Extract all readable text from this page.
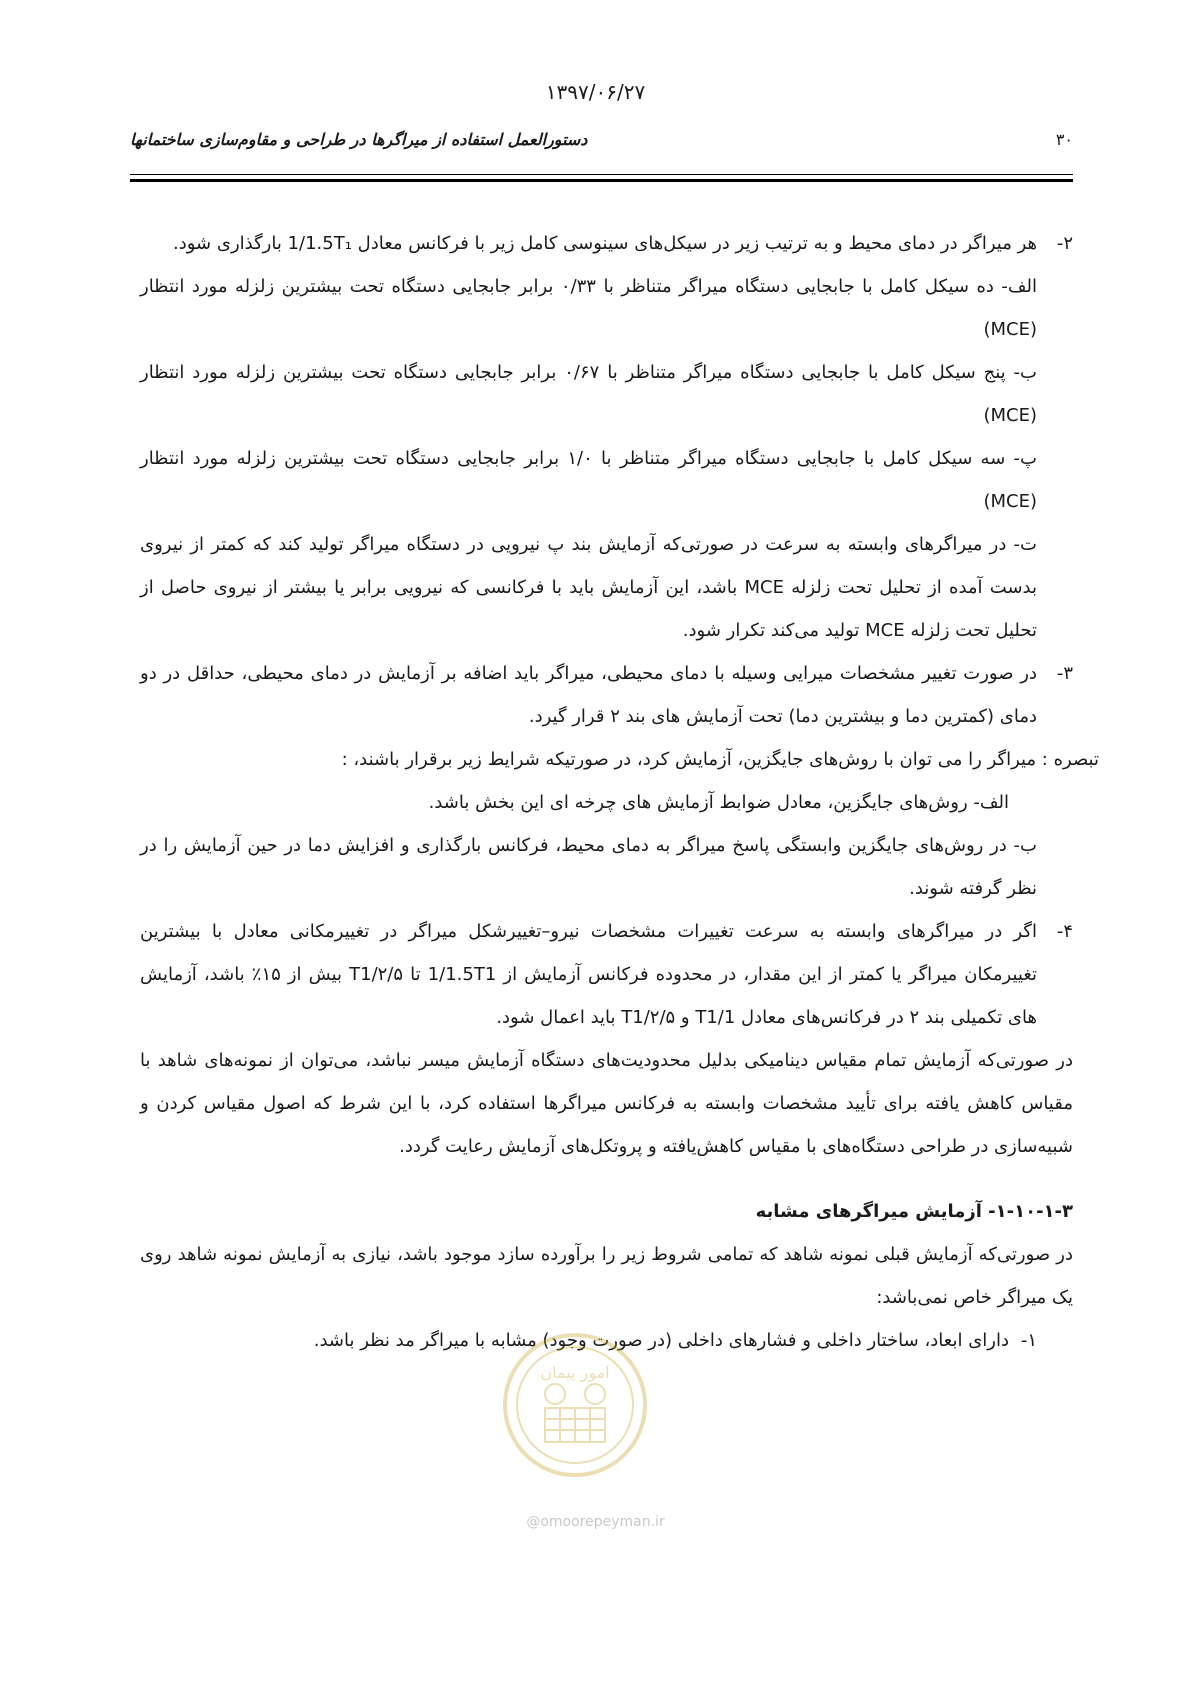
۱۳۹۷/۰۶/۲۷
۳۰
دستورالعمل استفاده از میراگرها در طراحی و مقاوم‌سازی ساختمانها
۲-
هر میراگر در دمای محیط و به ترتیب زیر در سیکل‌های سینوسی کامل زیر با فرکانس معادل 1/1.5T₁ بارگذاری شود.
الف- ده سیکل کامل با جابجایی دستگاه میراگر متناظر با ۰/۳۳ برابر جابجایی دستگاه تحت بیشترین زلزله مورد انتظار (MCE)
ب- پنج سیکل کامل با جابجایی دستگاه میراگر متناظر با ۰/۶۷ برابر جابجایی دستگاه تحت بیشترین زلزله مورد انتظار (MCE)
پ- سه سیکل کامل با جابجایی دستگاه میراگر متناظر با ۱/۰ برابر جابجایی دستگاه تحت بیشترین زلزله مورد انتظار (MCE)
ت- در میراگرهای وابسته به سرعت در صورتی‌که آزمایش بند پ نیرویی در دستگاه میراگر تولید کند که کمتر از نیروی بدست آمده از تحلیل تحت زلزله MCE باشد، این آزمایش باید با فرکانسی که نیرویی برابر یا بیشتر از نیروی حاصل از تحلیل تحت زلزله MCE تولید می‌کند تکرار شود.
۳-
در صورت تغییر مشخصات میرایی وسیله با دمای محیطی، میراگر باید اضافه بر آزمایش در دمای محیطی، حداقل در دو دمای (کمترین دما و بیشترین دما) تحت آزمایش های بند ۲ قرار گیرد.
تبصره : میراگر را می توان با روش‌های جایگزین، آزمایش کرد، در صورتیکه شرایط زیر برقرار باشند، :
الف- روش‌های جایگزین، معادل ضوابط آزمایش های چرخه ای این بخش باشد.
ب- در روش‌های جایگزین وابستگی پاسخ میراگر به دمای محیط، فرکانس بارگذاری و افزایش دما در حین آزمایش را در نظر گرفته شوند.
۴-
اگر در میراگرهای وابسته به سرعت تغییرات مشخصات نیرو–تغییرشکل میراگر در تغییرمکانی معادل با بیشترین تغییرمکان میراگر یا کمتر از این مقدار، در محدوده فرکانس آزمایش از 1/1.5T1 تا ۲/۵/T1 بیش از ۱۵٪ باشد، آزمایش های تکمیلی بند ۲ در فرکانس‌های معادل 1/T1 و ۲/۵/T1 باید اعمال شود.
در صورتی‌که آزمایش تمام مقیاس دینامیکی بدلیل محدودیت‌های دستگاه آزمایش میسر نباشد، می‌توان از نمونه‌های شاهد با مقیاس کاهش یافته برای تأیید مشخصات وابسته به فرکانس میراگرها استفاده کرد، با این شرط که اصول مقیاس کردن و شبیه‌سازی در طراحی دستگاه‌های با مقیاس کاهش‌یافته و پروتکل‌های آزمایش رعایت گردد.
۱-۱۰-۱-۳- آزمایش میراگرهای مشابه
در صورتی‌که آزمایش قبلی نمونه شاهد که تمامی شروط زیر را برآورده سازد موجود باشد، نیازی به آزمایش نمونه شاهد روی یک میراگر خاص نمی‌باشد:
۱-
دارای ابعاد، ساختار داخلی و فشارهای داخلی (در صورت وجود) مشابه با میراگر مد نظر باشد.
امور پیمان
@omoorepeyman.ir
